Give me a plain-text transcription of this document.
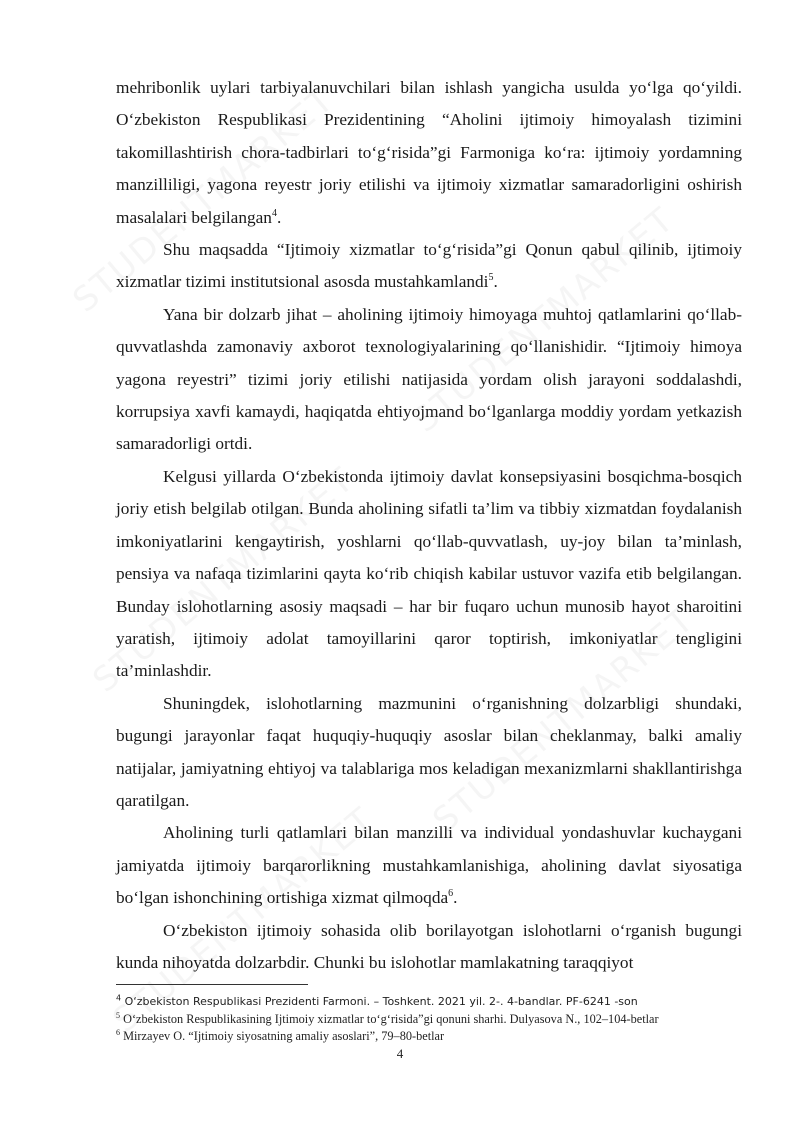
mehribonlik uylari tarbiyalanuvchilari bilan ishlash yangicha usulda yo‘lga qo‘yildi. O‘zbekiston Respublikasi Prezidentining “Aholini ijtimoiy himoyalash tizimini takomillashtirish chora-tadbirlari to‘g‘risida”gi Farmoniga ko‘ra: ijtimoiy yordamning manzilliligi, yagona reyestr joriy etilishi va ijtimoiy xizmatlar samaradorligini oshirish masalalari belgilangan$^4$.

Shu maqsadda “Ijtimoiy xizmatlar to‘g‘risida”gi Qonun qabul qilinib, ijtimoiy xizmatlar tizimi institutsional asosda mustahkamlandi$^5$.

Yana bir dolzarb jihat – aholining ijtimoiy himoyaga muhtoj qatlamlarini qo‘llab-quvvatlashda zamonaviy axborot texnologiyalarining qo‘llanishidir. “Ijtimoiy himoya yagona reyestri” tizimi joriy etilishi natijasida yordam olish jarayoni soddalashdi, korrupsiya xavfi kamaydi, haqiqatda ehtiyojmand bo‘lganlarga moddiy yordam yetkazish samaradorligi ortdi.

Kelgusi yillarda O‘zbekistonda ijtimoiy davlat konsepsiyasini bosqichma-bosqich joriy etish belgilab otilgan. Bunda aholining sifatli ta’lim va tibbiy xizmatdan foydalanish imkoniyatlarini kengaytirish, yoshlarni qo‘llab-quvvatlash, uy-joy bilan ta’minlash, pensiya va nafaqa tizimlarini qayta ko‘rib chiqish kabilar ustuvor vazifa etib belgilangan. Bunday islohotlarning asosiy maqsadi – har bir fuqaro uchun munosib hayot sharoitini yaratish, ijtimoiy adolat tamoyillarini qaror toptirish, imkoniyatlar tengligini ta’minlashdir.

Shuningdek, islohotlarning mazmunini o‘rganishning dolzarbligi shundaki, bugungi jarayonlar faqat huquqiy-huquqiy asoslar bilan cheklanmay, balki amaliy natijalar, jamiyatning ehtiyoj va talablariga mos keladigan mexanizmlarni shakllantirishga qaratilgan.

Aholining turli qatlamlari bilan manzilli va individual yondashuvlar kuchaygani jamiyatda ijtimoiy barqarorlikning mustahkamlanishiga, aholining davlat siyosatiga bo‘lgan ishonchining ortishiga xizmat qilmoqda$^6$.

O‘zbekiston ijtimoiy sohasida olib borilayotgan islohotlarni o‘rganish bugungi kunda nihoyatda dolzarbdir. Chunki bu islohotlar mamlakatning taraqqiyot

$^4$ O‘zbekiston Respublikasi Prezidenti Farmoni. – Toshkent. 2021 yil. 2-. 4-bandlar. PF-6241 -son
$^5$ O‘zbekiston Respublikasining Ijtimoiy xizmatlar to‘g‘risida”gi qonuni sharhi. Dulyasova N., 102–104-betlar
$^6$ Mirzayev O. “Ijtimoiy siyosatning amaliy asoslari”, 79–80-betlar
4
